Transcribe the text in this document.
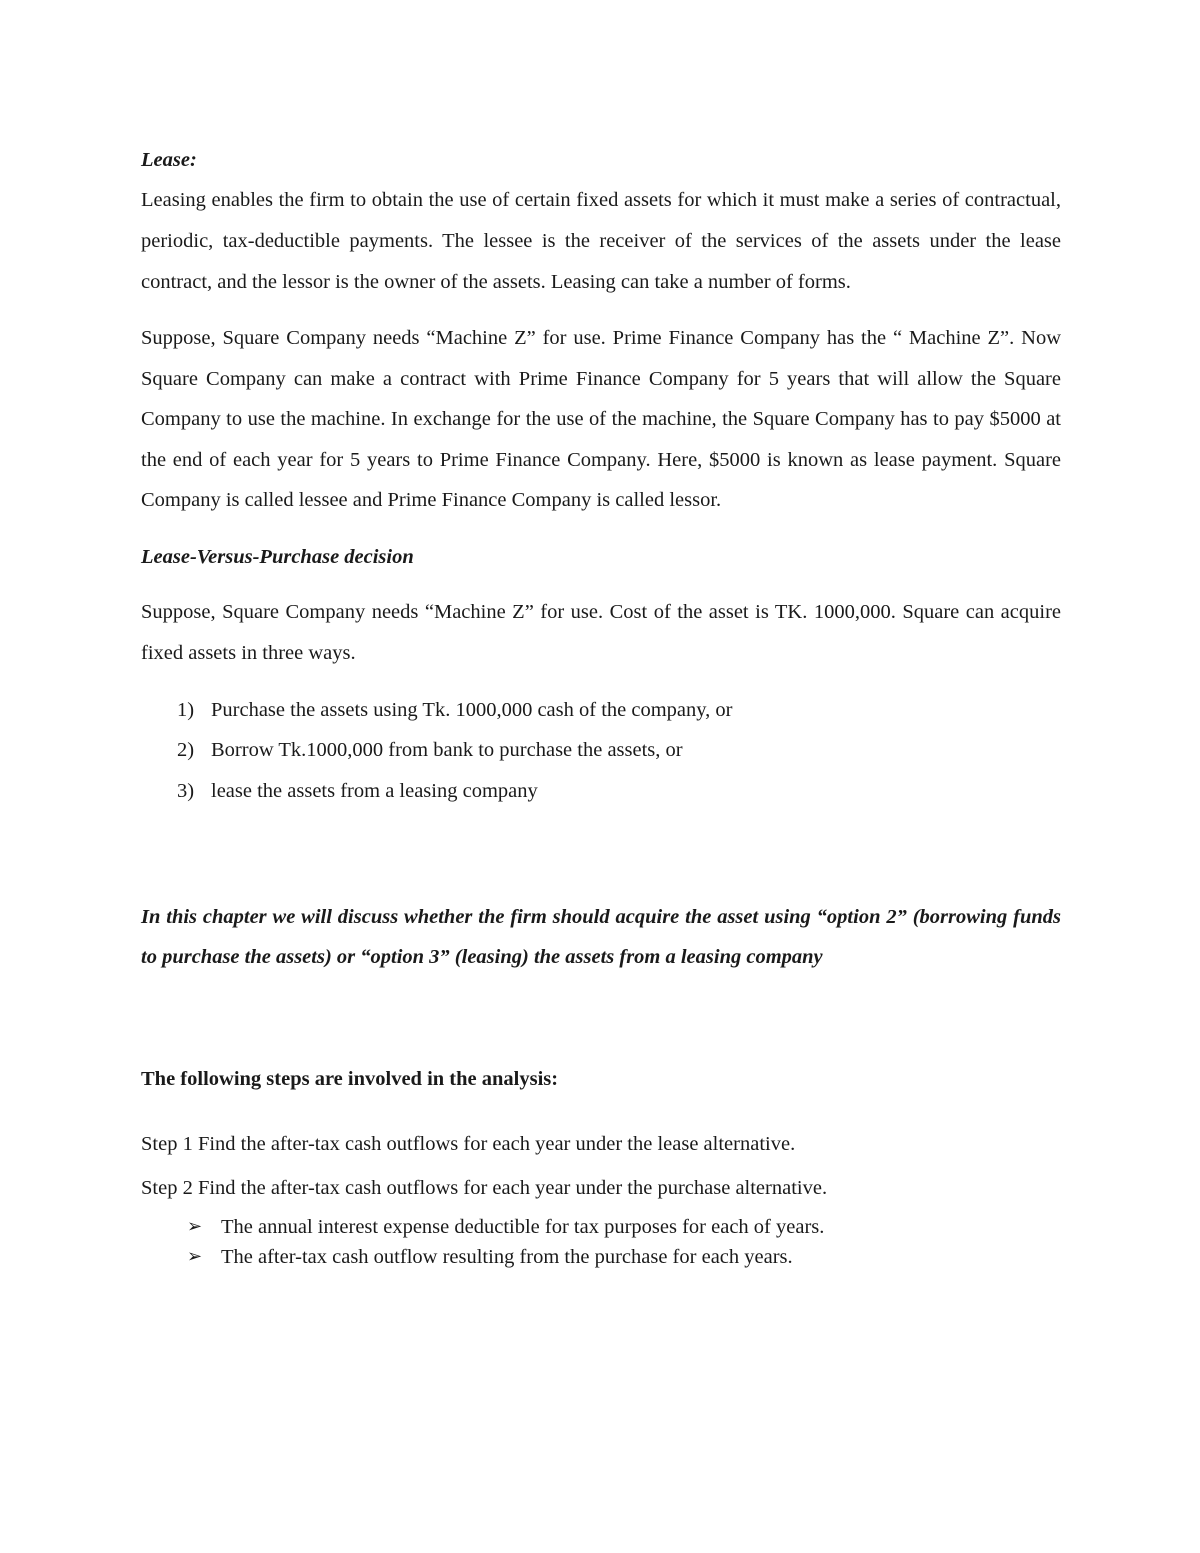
Lease:

Leasing enables the firm to obtain the use of certain fixed assets for which it must make a series of contractual, periodic, tax-deductible payments. The lessee is the receiver of the services of the assets under the lease contract, and the lessor is the owner of the assets. Leasing can take a number of forms.

Suppose, Square Company needs “Machine Z” for use. Prime Finance Company has the “ Machine Z”. Now Square Company can make a contract with Prime Finance Company for 5 years that will allow the Square Company to use the machine. In exchange for the use of the machine, the Square Company has to pay $5000 at the end of each year for 5 years to Prime Finance Company. Here, $5000 is known as lease payment. Square Company is called lessee and Prime Finance Company is called lessor.

Lease-Versus-Purchase decision

Suppose, Square Company needs “Machine Z” for use. Cost of the asset is TK. 1000,000. Square can acquire fixed assets in three ways.

1) Purchase the assets using Tk. 1000,000 cash of the company, or
2) Borrow Tk.1000,000 from bank to purchase the assets, or
3) lease the assets from a leasing company

In this chapter we will discuss whether the firm should acquire the asset using “option 2” (borrowing funds to purchase the assets) or “option 3” (leasing) the assets from a leasing company

The following steps are involved in the analysis:

Step 1 Find the after-tax cash outflows for each year under the lease alternative.

Step 2 Find the after-tax cash outflows for each year under the purchase alternative.

➢ The annual interest expense deductible for tax purposes for each of years.
➢ The after-tax cash outflow resulting from the purchase for each years.
